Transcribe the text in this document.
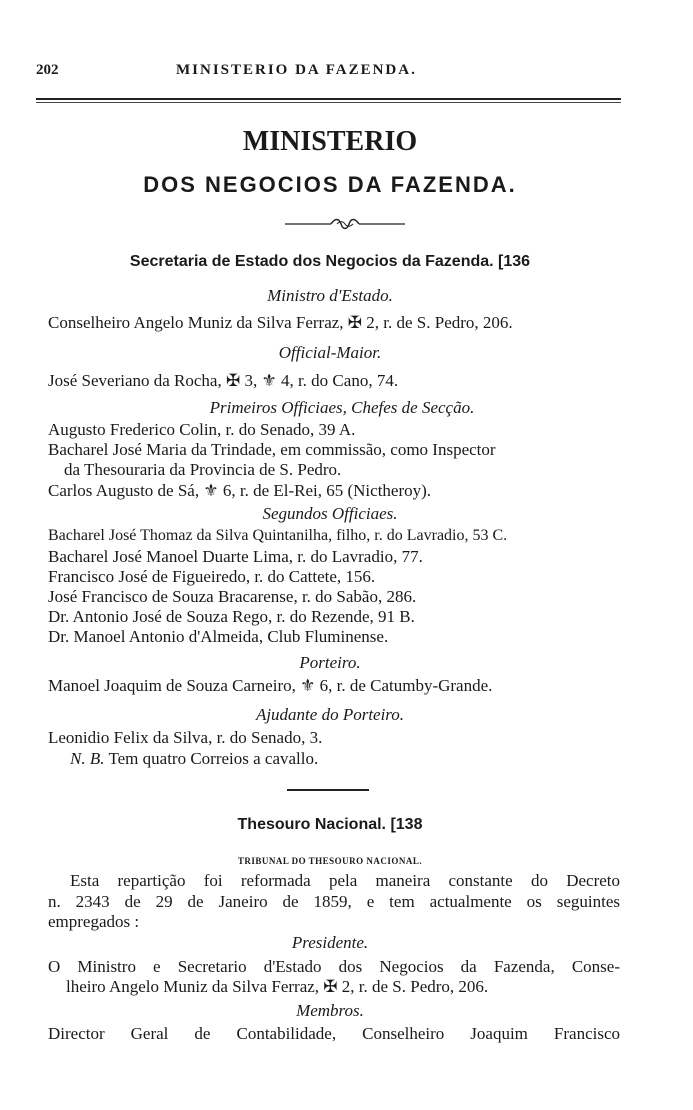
202	MINISTERIO DA FAZENDA.
MINISTERIO
DOS NEGOCIOS DA FAZENDA.
Secretaria de Estado dos Negocios da Fazenda. [136
Ministro d'Estado.
Conselheiro Angelo Muniz da Silva Ferraz, ✠ 2, r. de S. Pedro, 206.
Official-Maior.
José Severiano da Rocha, ✠ 3, ⚜ 4, r. do Cano, 74.
Primeiros Officiaes, Chefes de Secção.
Augusto Frederico Colin, r. do Senado, 39 A.
Bacharel José Maria da Trindade, em commissão, como Inspector
da Thesouraria da Provincia de S. Pedro.
Carlos Augusto de Sá, ⚜ 6, r. de El-Rei, 65 (Nictheroy).
Segundos Officiaes.
Bacharel José Thomaz da Silva Quintanilha, filho, r. do Lavradio, 53 C.
Bacharel José Manoel Duarte Lima, r. do Lavradio, 77.
Francisco José de Figueiredo, r. do Cattete, 156.
José Francisco de Souza Bracarense, r. do Sabão, 286.
Dr. Antonio José de Souza Rego, r. do Rezende, 91 B.
Dr. Manoel Antonio d'Almeida, Club Fluminense.
Porteiro.
Manoel Joaquim de Souza Carneiro, ⚜ 6, r. de Catumby-Grande.
Ajudante do Porteiro.
Leonidio Felix da Silva, r. do Senado, 3.
N. B. Tem quatro Correios a cavallo.
Thesouro Nacional. [138
TRIBUNAL DO THESOURO NACIONAL.
Esta repartição foi reformada pela maneira constante do Decreto
n. 2343 de 29 de Janeiro de 1859, e tem actualmente os seguintes
empregados :
Presidente.
O Ministro e Secretario d'Estado dos Negocios da Fazenda, Conse-
lheiro Angelo Muniz da Silva Ferraz, ✠ 2, r. de S. Pedro, 206.
Membros.
Director Geral de Contabilidade, Conselheiro Joaquim Francisco
